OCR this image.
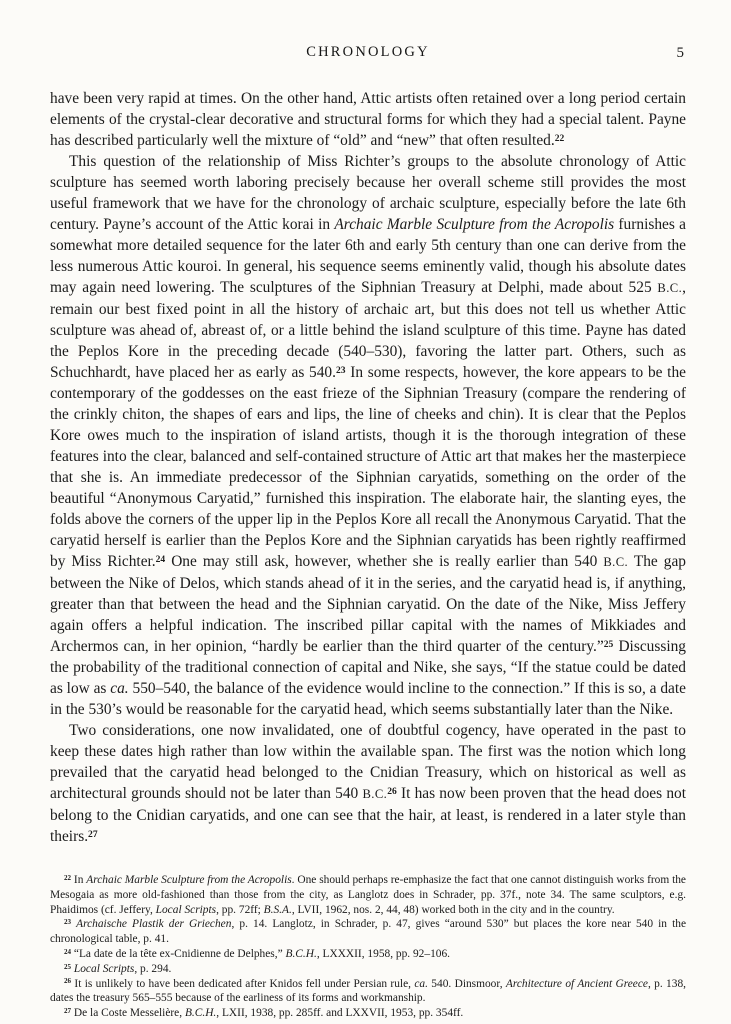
CHRONOLOGY	5

have been very rapid at times. On the other hand, Attic artists often retained over a long period certain elements of the crystal-clear decorative and structural forms for which they had a special talent. Payne has described particularly well the mixture of “old” and “new” that often resulted.$^{22}$

This question of the relationship of Miss Richter’s groups to the absolute chronology of Attic sculpture has seemed worth laboring precisely because her overall scheme still provides the most useful framework that we have for the chronology of archaic sculpture, especially before the late 6th century. Payne’s account of the Attic korai in Archaic Marble Sculpture from the Acropolis furnishes a somewhat more detailed sequence for the later 6th and early 5th century than one can derive from the less numerous Attic kouroi. In general, his sequence seems eminently valid, though his absolute dates may again need lowering. The sculptures of the Siphnian Treasury at Delphi, made about 525 B.C., remain our best fixed point in all the history of archaic art, but this does not tell us whether Attic sculpture was ahead of, abreast of, or a little behind the island sculpture of this time. Payne has dated the Peplos Kore in the preceding decade (540–530), favoring the latter part. Others, such as Schuchhardt, have placed her as early as 540.23 In some respects, however, the kore appears to be the contemporary of the goddesses on the east frieze of the Siphnian Treasury (compare the rendering of the crinkly chiton, the shapes of ears and lips, the line of cheeks and chin). It is clear that the Peplos Kore owes much to the inspiration of island artists, though it is the thorough integration of these features into the clear, balanced and self-contained structure of Attic art that makes her the masterpiece that she is. An immediate predecessor of the Siphnian caryatids, something on the order of the beautiful “Anonymous Caryatid,” furnished this inspiration. The elaborate hair, the slanting eyes, the folds above the corners of the upper lip in the Peplos Kore all recall the Anonymous Caryatid. That the caryatid herself is earlier than the Peplos Kore and the Siphnian caryatids has been rightly reaffirmed by Miss Richter.$^{24}$ One may still ask, however, whether she is really earlier than 540 B.C. The gap between the Nike of Delos, which stands ahead of it in the series, and the caryatid head is, if anything, greater than that between the head and the Siphnian caryatid. On the date of the Nike, Miss Jeffery again offers a helpful indication. The inscribed pillar capital with the names of Mikkiades and Archermos can, in her opinion, “hardly be earlier than the third quarter of the century.”$^{25}$ Discussing the probability of the traditional connection of capital and Nike, she says, “If the statue could be dated as low as ca. 550–540, the balance of the evidence would incline to the connection.” If this is so, a date in the 530’s would be reasonable for the caryatid head, which seems substantially later than the Nike.

Two considerations, one now invalidated, one of doubtful cogency, have operated in the past to keep these dates high rather than low within the available span. The first was the notion which long prevailed that the caryatid head belonged to the Cnidian Treasury, which on historical as well as architectural grounds should not be later than 540 B.C.$^{26}$ It has now been proven that the head does not belong to the Cnidian caryatids, and one can see that the hair, at least, is rendered in a later style than theirs.$^{27}$

$^{22}$ In Archaic Marble Sculpture from the Acropolis. One should perhaps re-emphasize the fact that one cannot distinguish works from the Mesogaia as more old-fashioned than those from the city, as Langlotz does in Schrader, pp. 37f., note 34. The same sculptors, e.g. Phaidimos (cf. Jeffery, Local Scripts, pp. 72ff; B.S.A., LVII, 1962, nos. 2, 44, 48) worked both in the city and in the country.

$^{23}$ Archaische Plastik der Griechen, p. 14. Langlotz, in Schrader, p. 47, gives “around 530” but places the kore near 540 in the chronological table, p. 41.

$^{24}$ “La date de la tête ex-Cnidienne de Delphes,” B.C.H., LXXXII, 1958, pp. 92–106.

$^{25}$ Local Scripts, p. 294.

$^{26}$ It is unlikely to have been dedicated after Knidos fell under Persian rule, ca. 540. Dinsmoor, Architecture of Ancient Greece, p. 138, dates the treasury 565–555 because of the earliness of its forms and workmanship.

$^{27}$ De la Coste Messelière, B.C.H., LXII, 1938, pp. 285ff. and LXXVII, 1953, pp. 354ff.
